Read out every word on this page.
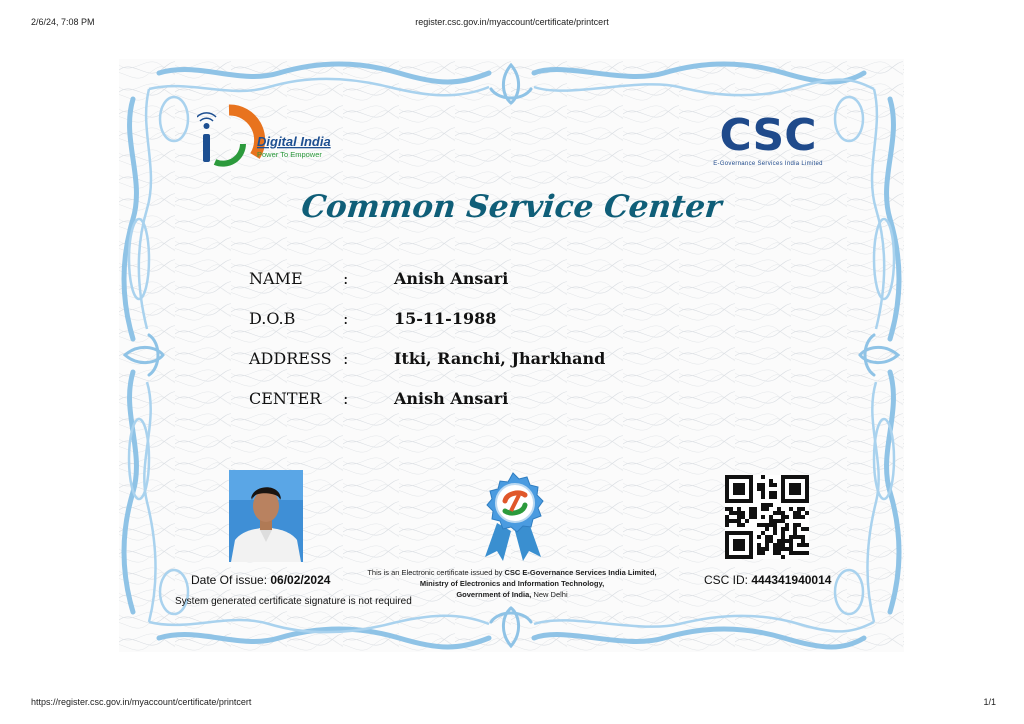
2/6/24, 7:08 PM	register.csc.gov.in/myaccount/certificate/printcert
Digital India
Power To Empower	CSC
E-Governance Services India Limited
Common Service Center
NAME	:	Anish Ansari
D.O.B	:	15-11-1988
ADDRESS :	Itki, Ranchi, Jharkhand
CENTER :	Anish Ansari
Date Of issue: 06/02/2024
System generated certificate signature is not required
This is an Electronic certificate issued by CSC E-Governance Services India Limited,
Ministry of Electronics and Information Technology,
Government of India, New Delhi
CSC ID: 444341940014
https://register.csc.gov.in/myaccount/certificate/printcert	1/1
